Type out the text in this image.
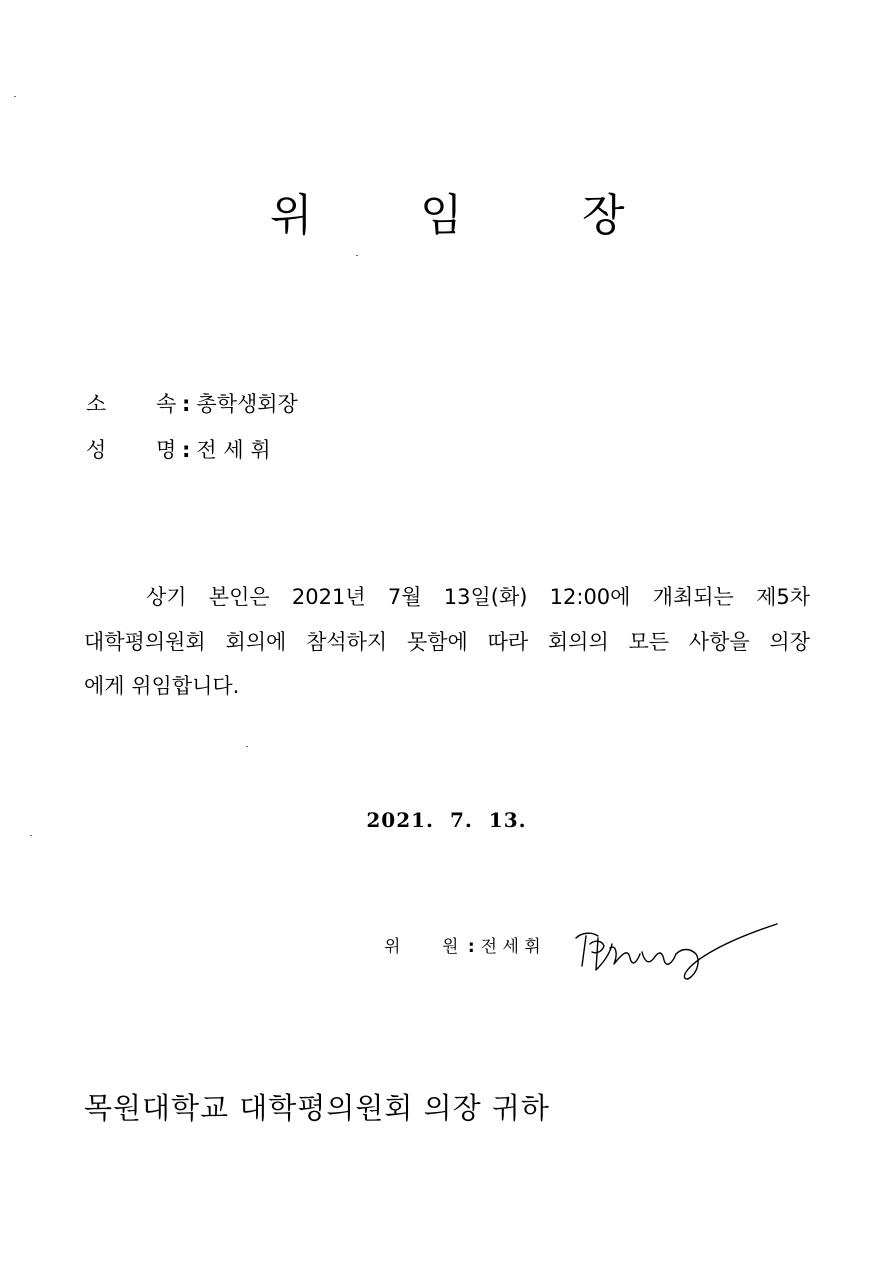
위 임	장
소 속 : 총학생회장
성 명 : 전 세 휘
상기 본인은 2021년 7월 13일(화) 12:00에 개최되는 제5차
대학평의원회 회의에 참석하지 못함에 따라 회의의 모든 사항을 의장
에게 위임합니다.
2021. 7. 13.
위 원 : 전 세 휘
목원대학교 대학평의원회 의장 귀하
